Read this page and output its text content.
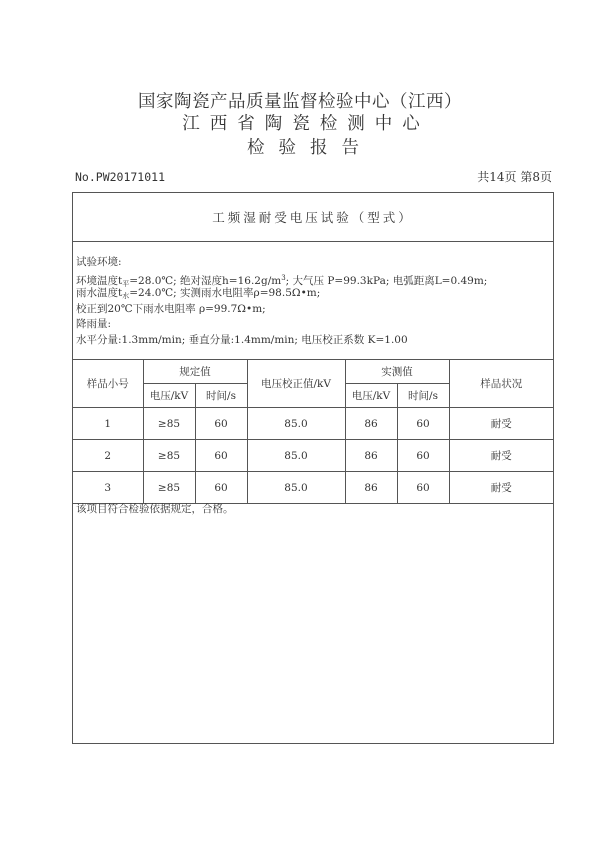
国家陶瓷产品质量监督检验中心（江西）
江西省陶瓷检测中心
检验报告
No.PW20171011	共14页 第8页
工频湿耐受电压试验（型式）
试验环境:
环境温度$t_平=28.0℃$; 绝对湿度$h=16.2g/m^3$; 大气压 P=99.3kPa; 电弧距离L=0.49m;
雨水温度$t_水=24.0℃$; 实测雨水电阻率ρ=98.5Ω•m;
校正到20℃下雨水电阻率 ρ=99.7Ω•m;
降雨量:
水平分量:1.3mm/min; 垂直分量:1.4mm/min; 电压校正系数 K=1.00
样品小号	规定值		电压校正值/kV	实测值		样品状况
	电压/kV	时间/s		电压/kV	时间/s	
1	≥85	60	85.0	86	60	耐受
2	≥85	60	85.0	86	60	耐受
3	≥85	60	85.0	86	60	耐受
该项目符合检验依据规定，合格。
